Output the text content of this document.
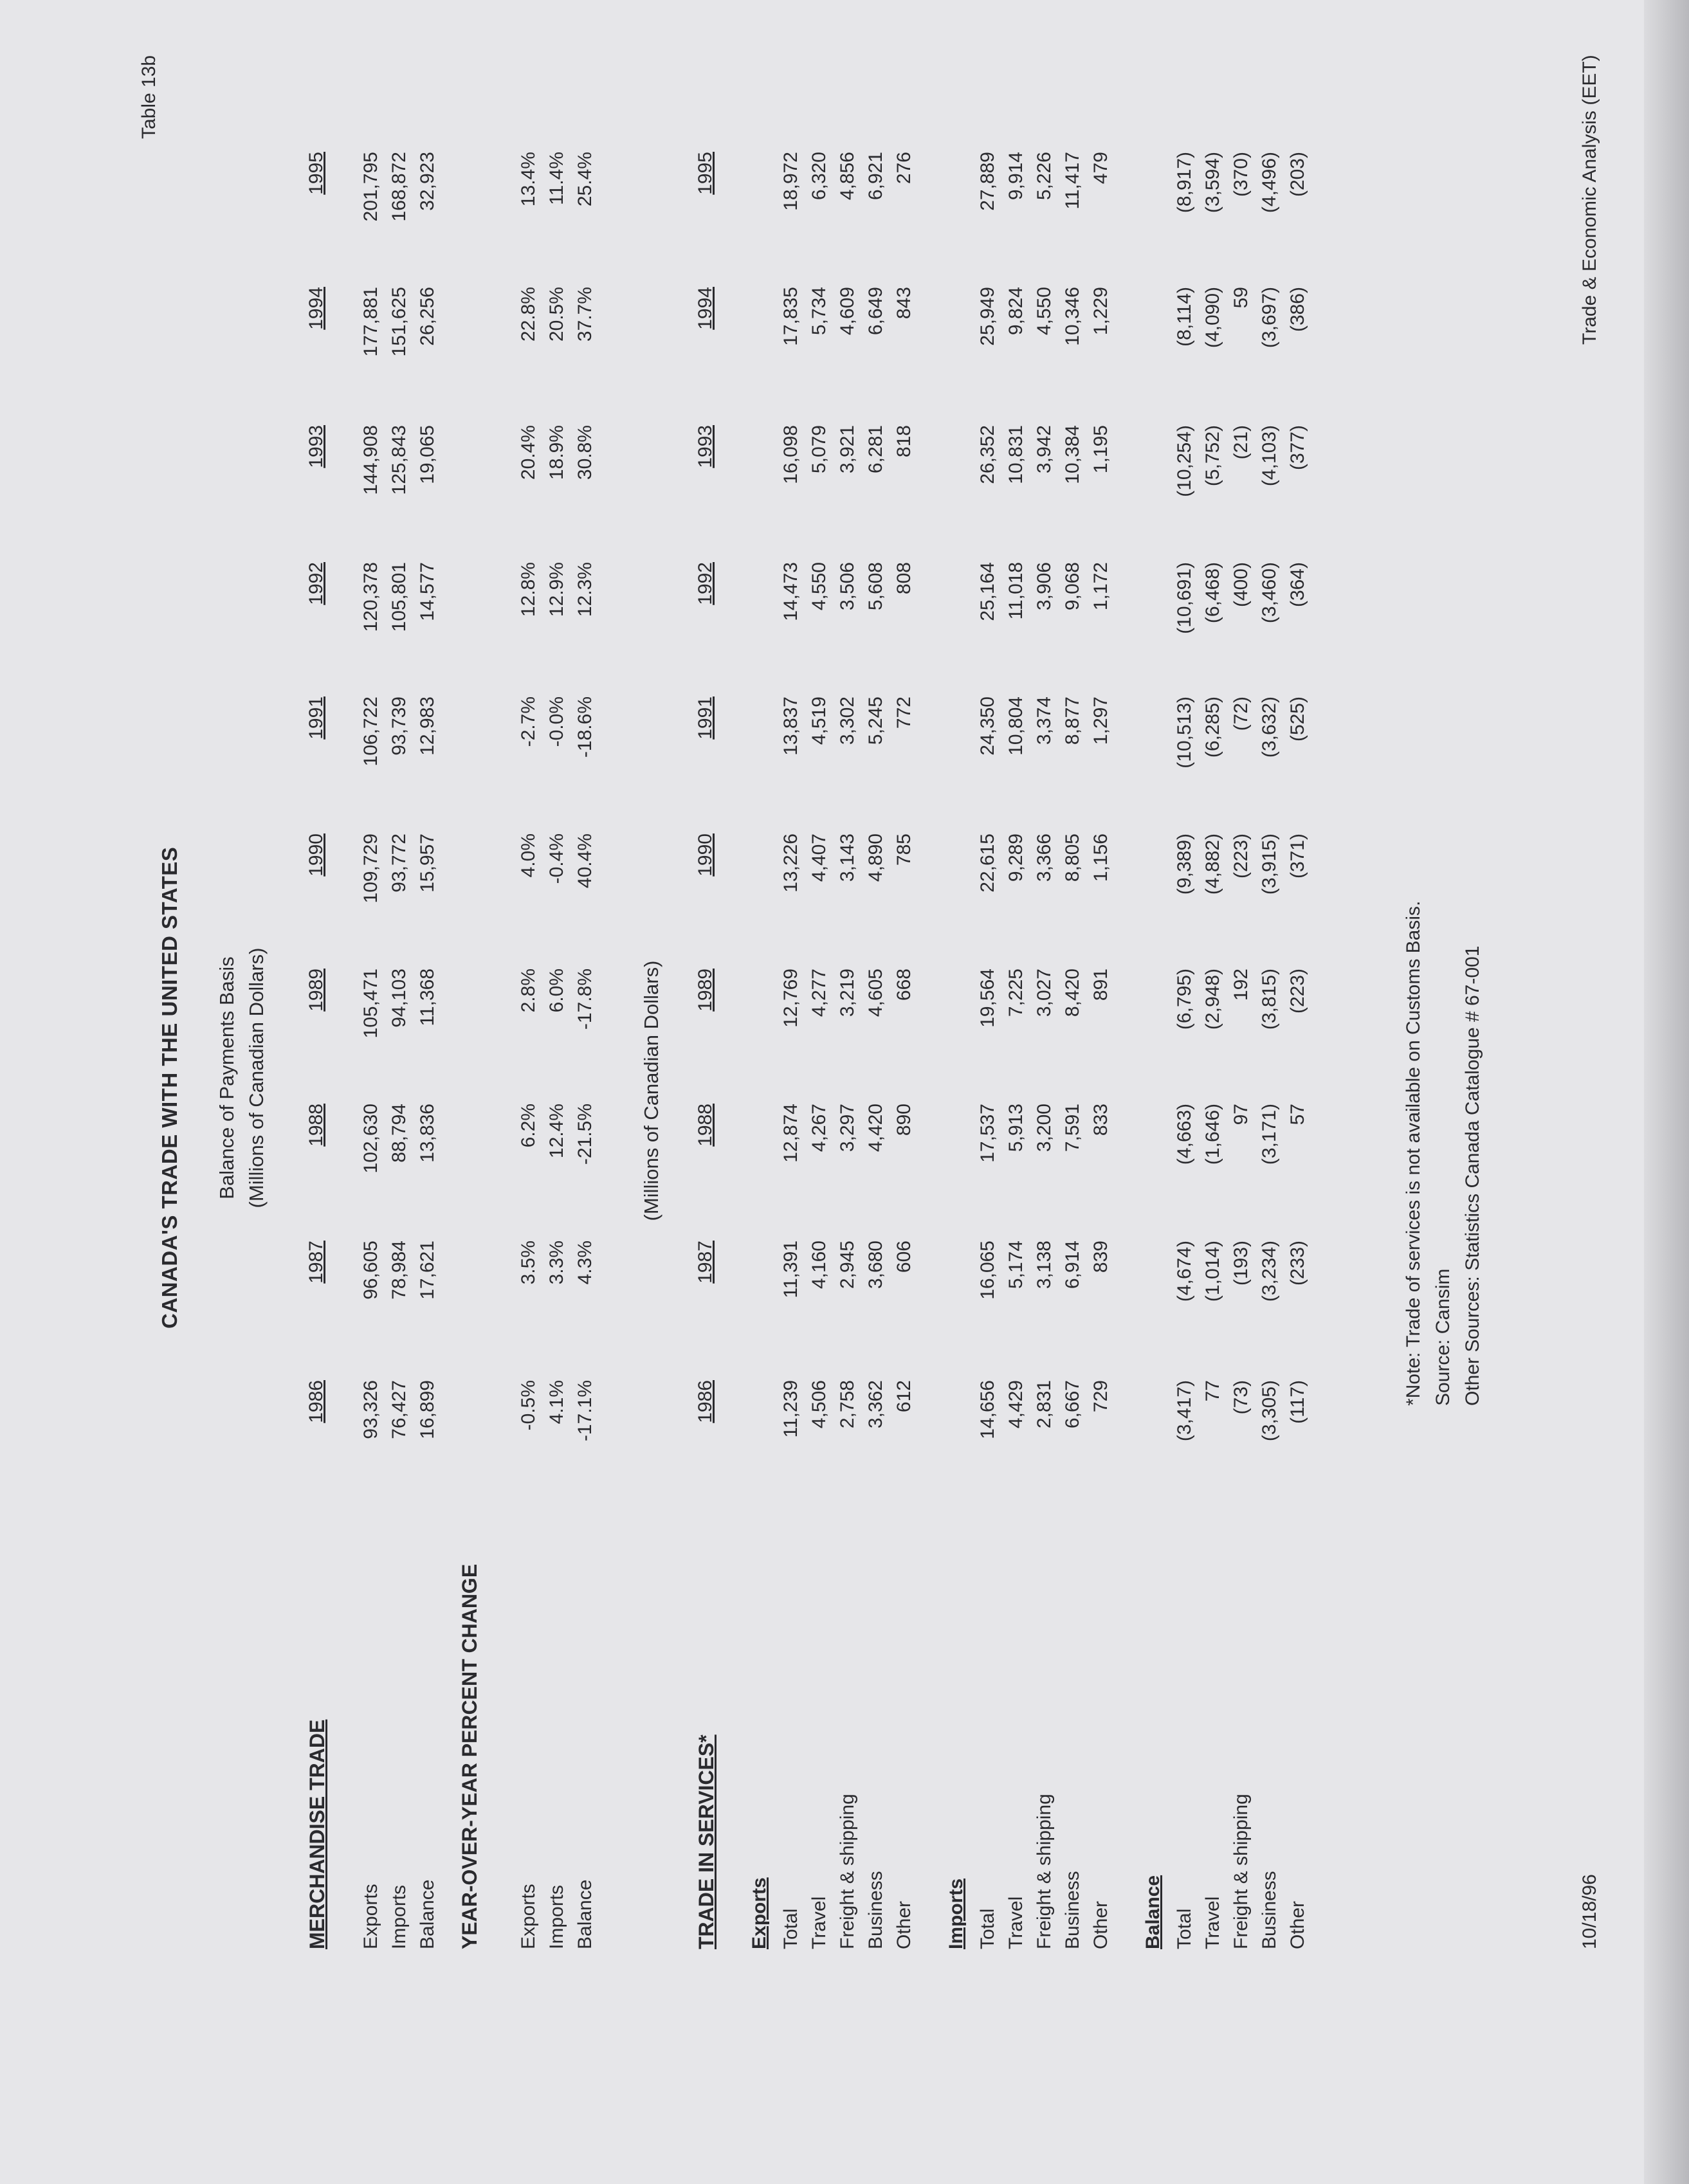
Table 13b
CANADA'S TRADE WITH THE UNITED STATES Balance of Payments Basis (Millions of Canadian Dollars)
MERCHANDISE TRADE
1986
1987
1988
1989
1990
1991
1992
1993
1994
1995
Exports
93,326
96,605
102,630
105,471
109,729
106,722
120,378
144,908
177,881
201,795
Imports
76,427
78,984
88,794
94,103
93,772
93,739
105,801
125,843
151,625
168,872
Balance
16,899
17,621
13,836
11,368
15,957
12,983
14,577
19,065
26,256
32,923
YEAR-OVER-YEAR PERCENT CHANGE Exports
-0.5%
3.5%
6.2%
2.8%
4.0%
-2.7%
12.8%
20.4%
22.8%
13.4%
Imports
4.1%
3.3%
12.4%
6.0%
-0.4%
-0.0%
12.9%
18.9%
20.5%
11.4%
Balance
-17.1%
4.3%
-21.5%
-17.8%
40.4%
-18.6%
12.3%
30.8%
37.7%
25.4%
(Millions of Canadian Dollars)
TRADE IN SERVICES*
1986
1987
1988
1989
1990
1991
1992
1993
1994
1995
Exports Total
11,239
11,391
12,874
12,769
13,226
13,837
14,473
16,098
17,835
18,972
Travel
4,506
4,160
4,267
4,277
4,407
4,519
4,550
5,079
5,734
6,320
Freight & shipping
2,758
2,945
3,297
3,219
3,143
3,302
3,506
3,921
4,609
4,856
Business
3,362
3,680
4,420
4,605
4,890
5,245
5,608
6,281
6,649
6,921
Other
612
606
890
668
785
772
808
818
843
276
Imports Total
14,656
16,065
17,537
19,564
22,615
24,350
25,164
26,352
25,949
27,889
Travel
4,429
5,174
5,913
7,225
9,289
10,804
11,018
10,831
9,824
9,914
Freight & shipping
2,831
3,138
3,200
3,027
3,366
3,374
3,906
3,942
4,550
5,226
Business
6,667
6,914
7,591
8,420
8,805
8,877
9,068
10,384
10,346
11,417
Other
729
839
833
891
1,156
1,297
1,172
1,195
1,229
479
Balance Total
(3,417)
(4,674)
(4,663)
(6,795)
(9,389)
(10,513)
(10,691)
(10,254)
(8,114)
(8,917)
Travel
77
(1,014)
(1,646)
(2,948)
(4,882)
(6,285)
(6,468)
(5,752)
(4,090)
(3,594)
Freight & shipping
(73)
(193)
97
192
(223)
(72)
(400)
(21)
59
(370)
Business
(3,305)
(3,234)
(3,171)
(3,815)
(3,915)
(3,632)
(3,460)
(4,103)
(3,697)
(4,496)
Other
(117)
(233)
57
(223)
(371)
(525)
(364)
(377)
(386)
(203)
*Note: Trade of services is not available on Customs Basis. Source: Cansim Other Sources: Statistics Canada Catalogue # 67-001
10/18/96
Trade & Economic Analysis (EET)
